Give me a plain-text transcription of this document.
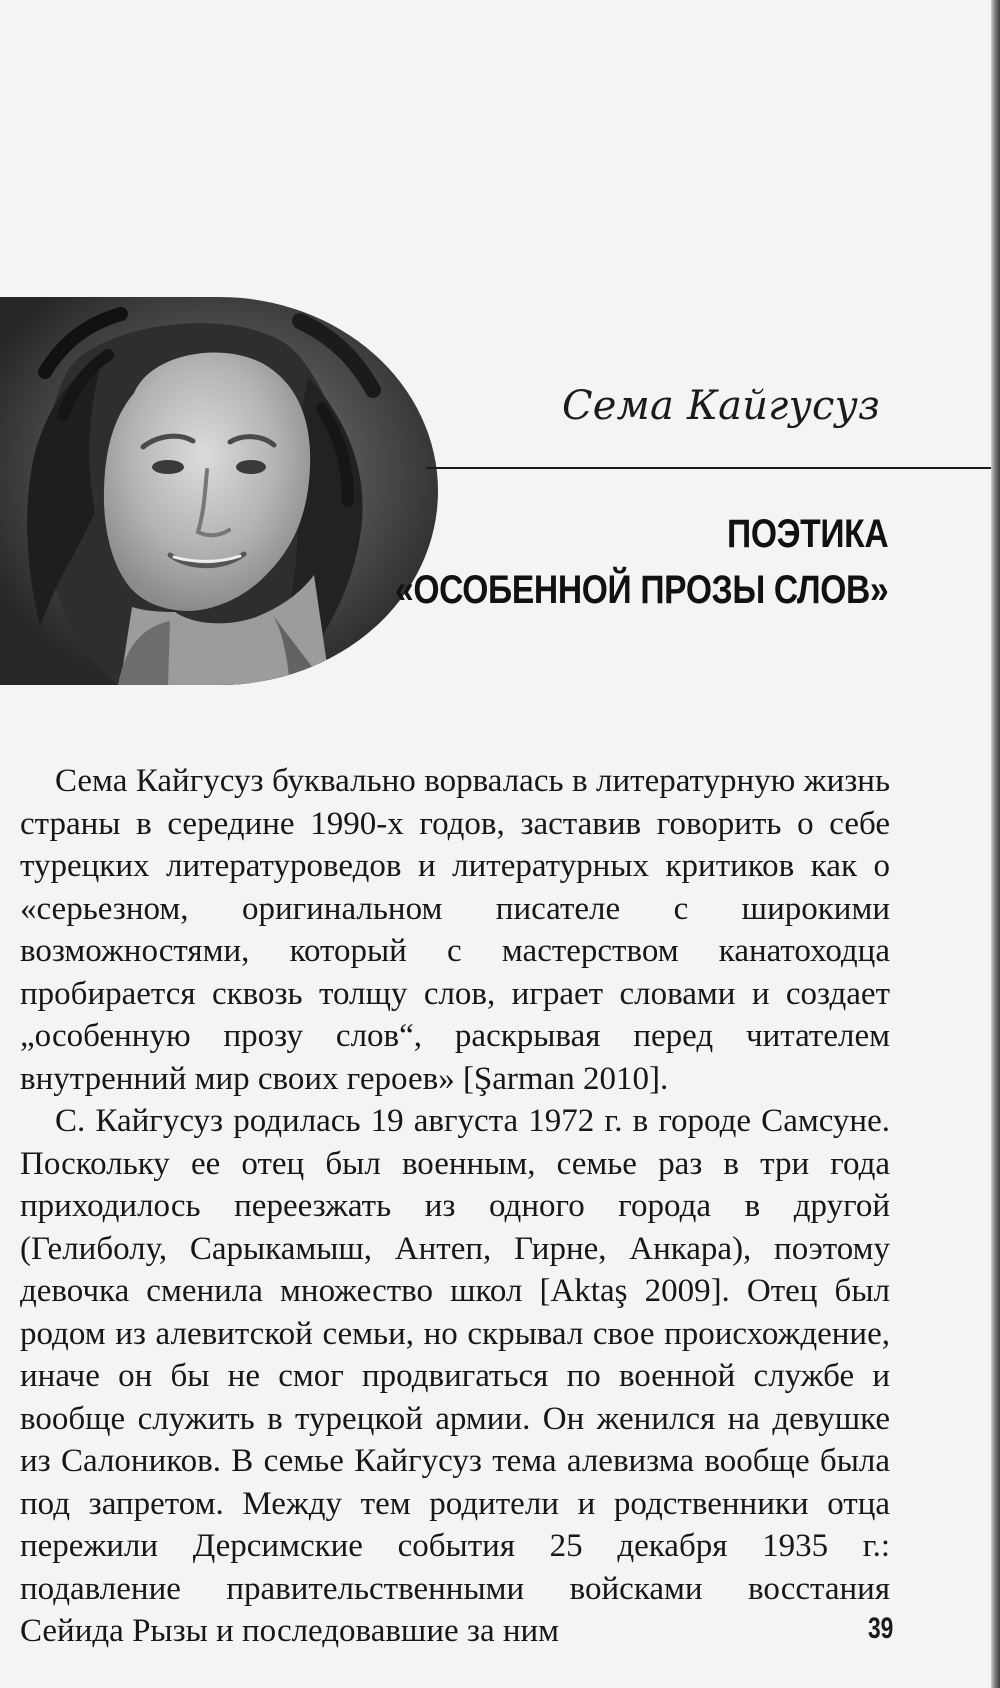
Сема Кайгусуз
ПОЭТИКА
«ОСОБЕННОЙ ПРОЗЫ СЛОВ»

Сема Кайгусуз буквально ворвалась в литературную жизнь страны в середине 1990-х годов, заставив говорить о себе турецких литературоведов и литературных критиков как о «серьезном, оригинальном писателе с широкими возможностями, который с мастерством канатоходца пробирается сквозь толщу слов, играет словами и создает „особенную прозу слов“, раскрывая перед читателем внутренний мир своих героев» [Şarman 2010].

С. Кайгусуз родилась 19 августа 1972 г. в городе Самсуне. Поскольку ее отец был военным, семье раз в три года приходилось переезжать из одного города в другой (Гелиболу, Сарыкамыш, Антеп, Гирне, Анкара), поэтому девочка сменила множество школ [Aktaş 2009]. Отец был родом из алевитской семьи, но скрывал свое происхождение, иначе он бы не смог продвигаться по военной службе и вообще служить в турецкой армии. Он женился на девушке из Салоников. В семье Кайгусуз тема алевизма вообще была под запретом. Между тем родители и родственники отца пережили Дерсимские события 25 декабря 1935 г.: подавление правительственными войсками восстания Сейида Рызы и последовавшие за ним	39
